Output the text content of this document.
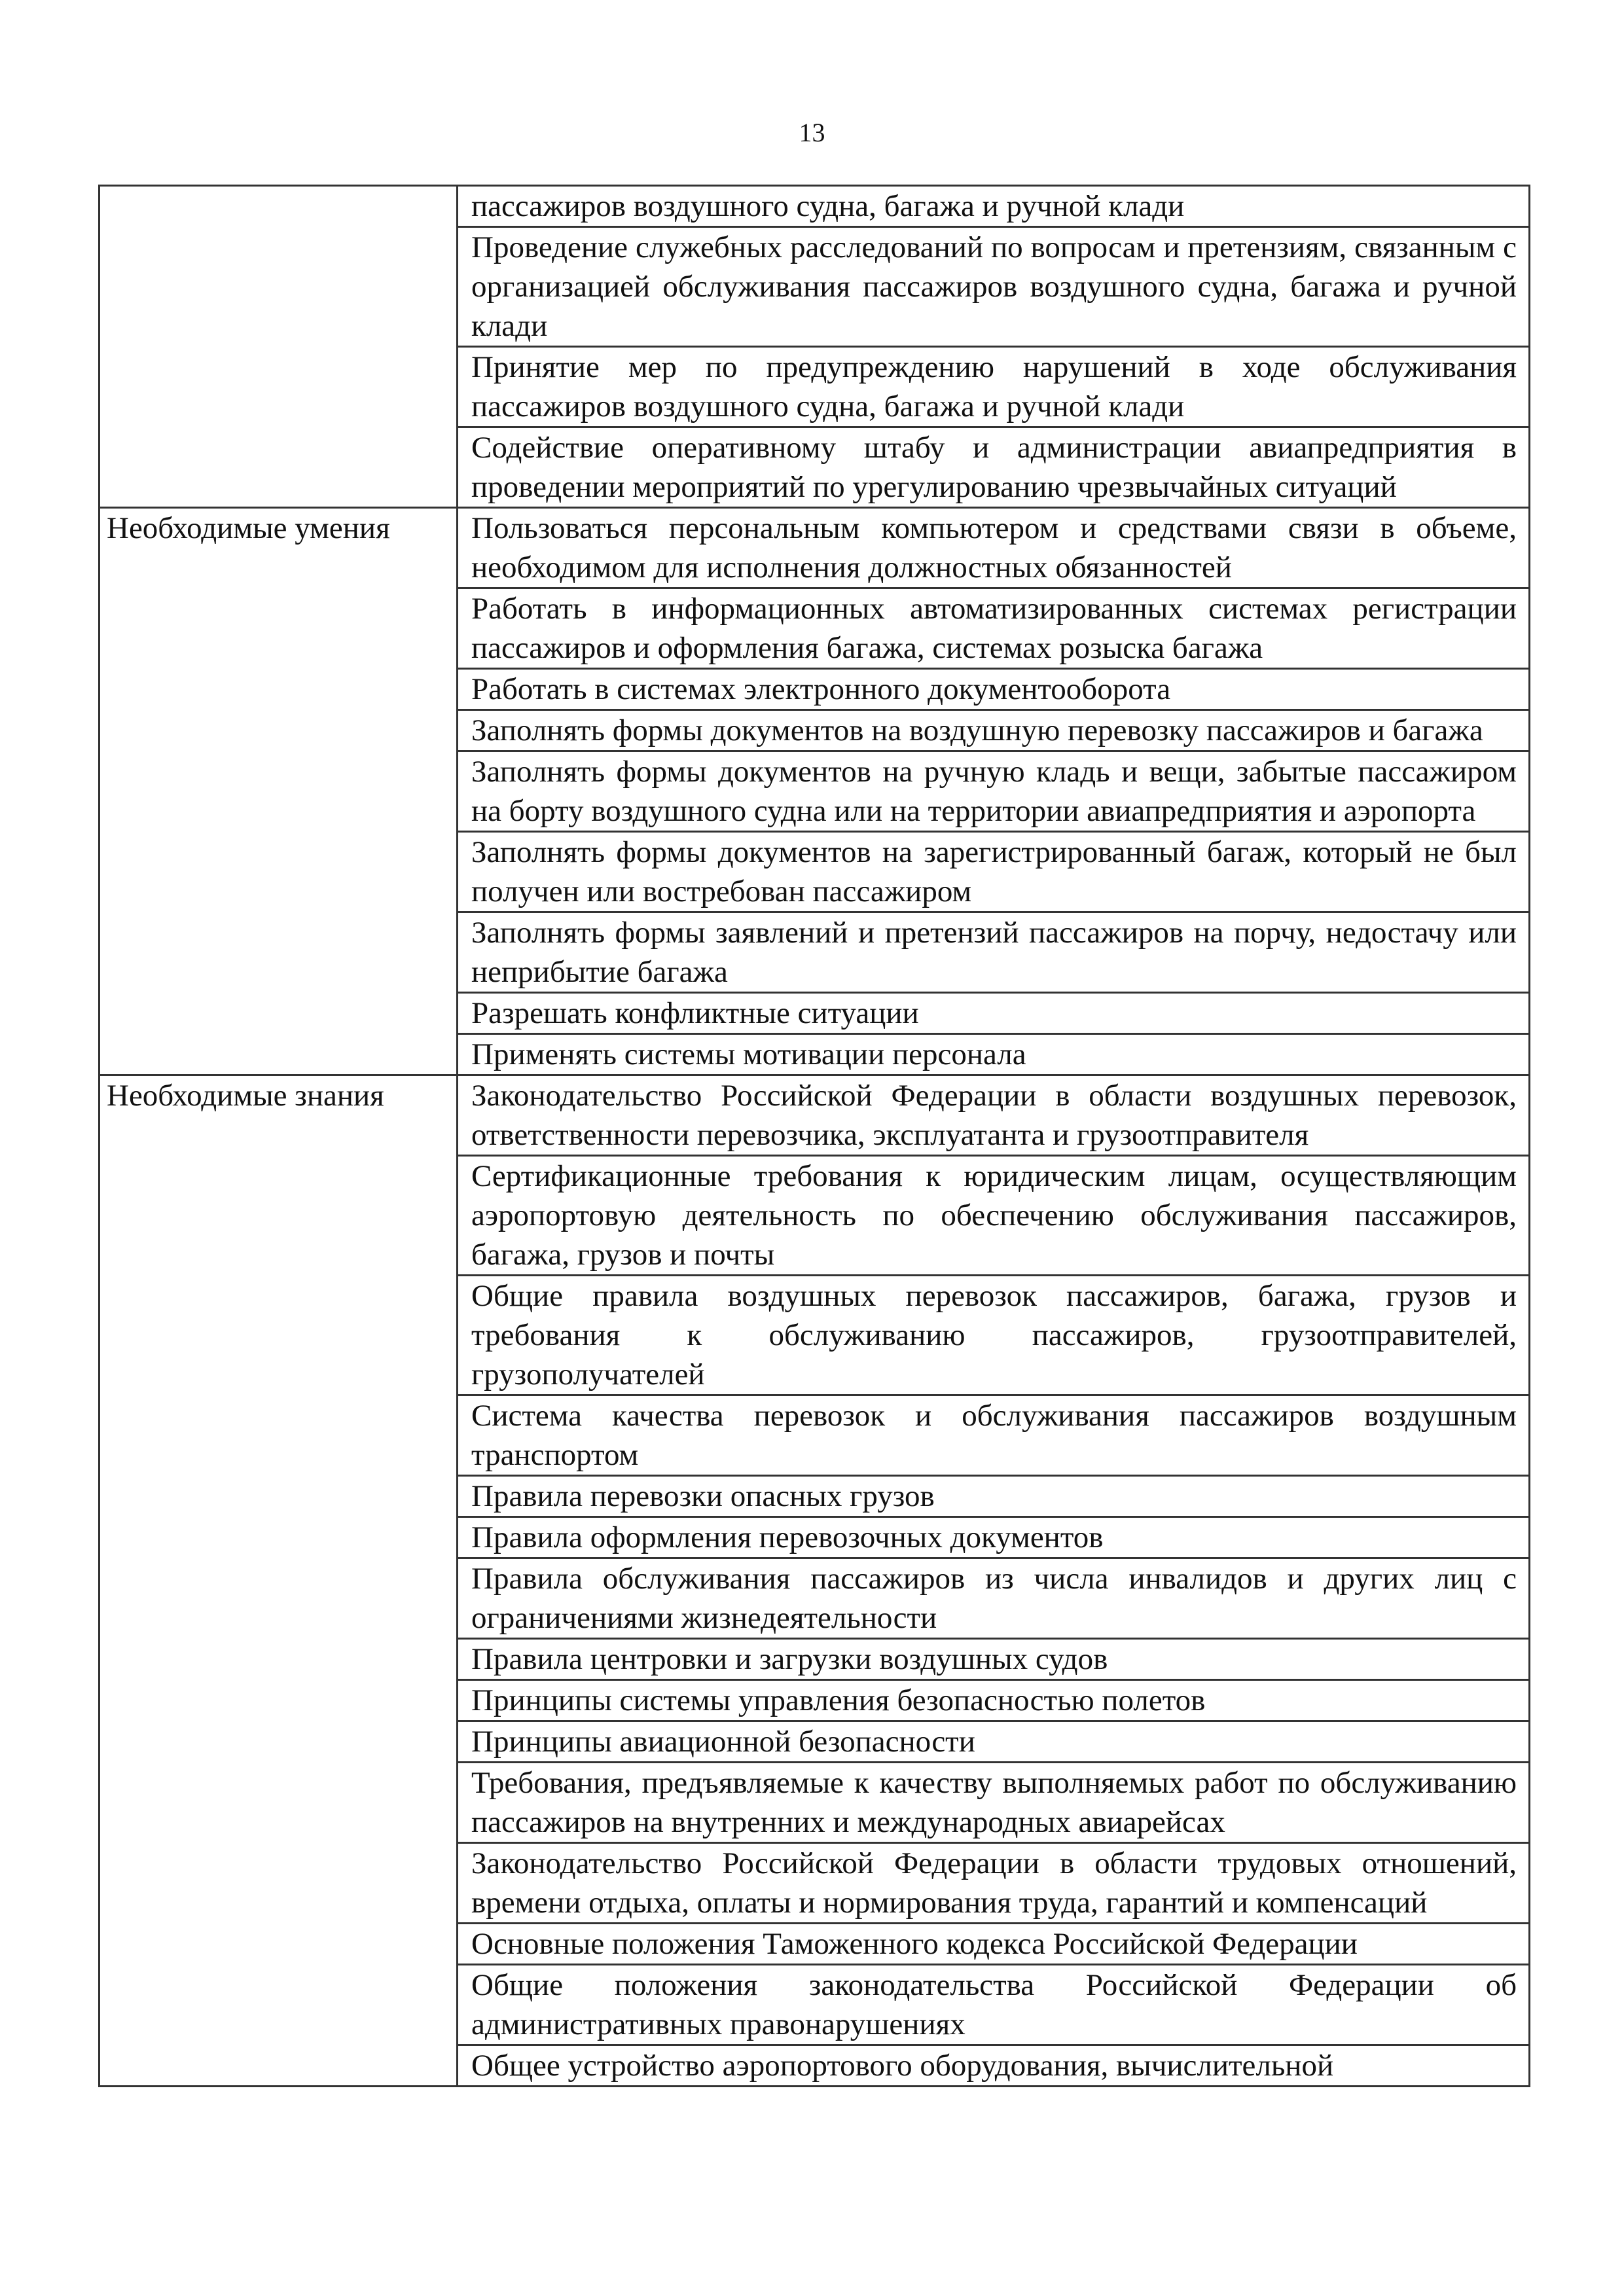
13

	пассажиров воздушного судна, багажа и ручной клади

	Проведение служебных расследований по вопросам и претензиям, связанным с организацией обслуживания пассажиров воздушного судна, багажа и ручной клади

	Принятие мер по предупреждению нарушений в ходе обслуживания пассажиров воздушного судна, багажа и ручной клади

	Содействие оперативному штабу и администрации авиапредприятия в проведении мероприятий по урегулированию чрезвычайных ситуаций

Необходимые умения	Пользоваться персональным компьютером и средствами связи в объеме, необходимом для исполнения должностных обязанностей

	Работать в информационных автоматизированных системах регистрации пассажиров и оформления багажа, системах розыска багажа

	Работать в системах электронного документооборота

	Заполнять формы документов на воздушную перевозку пассажиров и багажа

	Заполнять формы документов на ручную кладь и вещи, забытые пассажиром на борту воздушного судна или на территории авиапредприятия и аэропорта

	Заполнять формы документов на зарегистрированный багаж, который не был получен или востребован пассажиром

	Заполнять формы заявлений и претензий пассажиров на порчу, недостачу или неприбытие багажа

	Разрешать конфликтные ситуации

	Применять системы мотивации персонала

Необходимые знания	Законодательство Российской Федерации в области воздушных перевозок, ответственности перевозчика, эксплуатанта и грузоотправителя

	Сертификационные требования к юридическим лицам, осуществляющим аэропортовую деятельность по обеспечению обслуживания пассажиров, багажа, грузов и почты

	Общие правила воздушных перевозок пассажиров, багажа, грузов и требования к обслуживанию пассажиров, грузоотправителей, грузополучателей

	Система качества перевозок и обслуживания пассажиров воздушным транспортом

	Правила перевозки опасных грузов

	Правила оформления перевозочных документов

	Правила обслуживания пассажиров из числа инвалидов и других лиц с ограничениями жизнедеятельности

	Правила центровки и загрузки воздушных судов

	Принципы системы управления безопасностью полетов

	Принципы авиационной безопасности

	Требования, предъявляемые к качеству выполняемых работ по обслуживанию пассажиров на внутренних и международных авиарейсах

	Законодательство Российской Федерации в области трудовых отношений, времени отдыха, оплаты и нормирования труда, гарантий и компенсаций

	Основные положения Таможенного кодекса Российской Федерации

	Общие положения законодательства Российской Федерации об административных правонарушениях

	Общее устройство аэропортового оборудования, вычислительной
